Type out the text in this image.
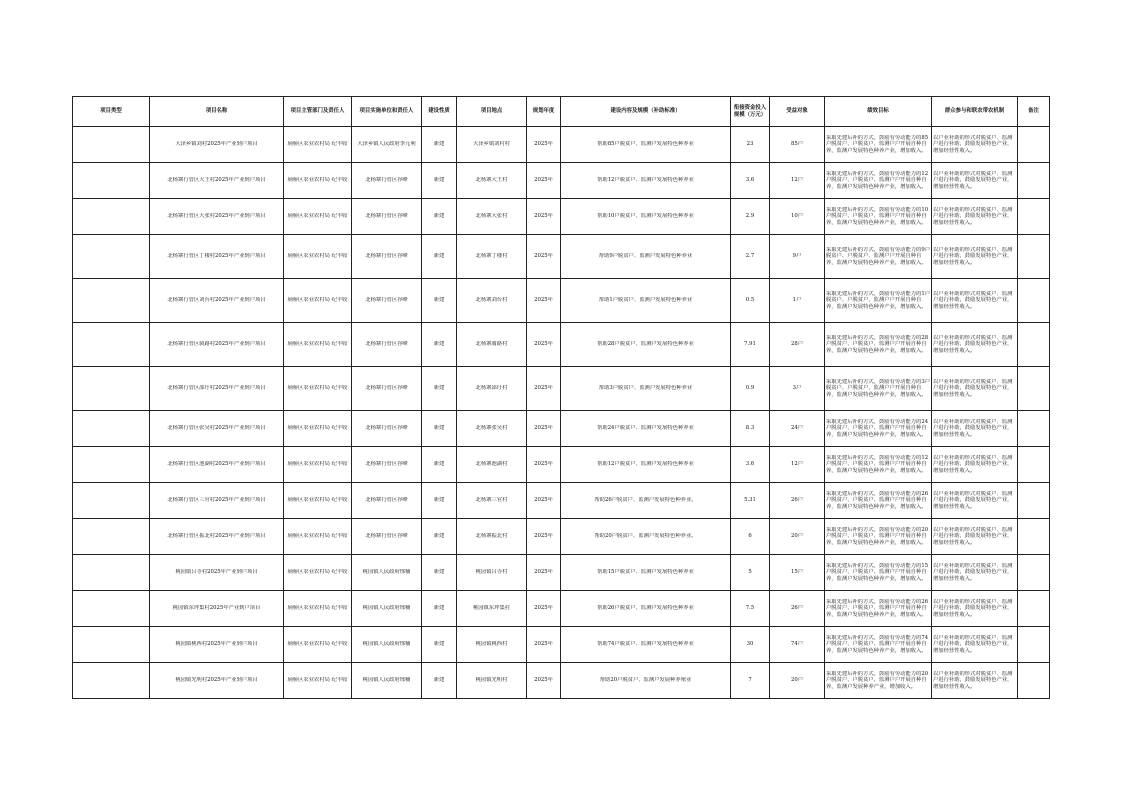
项目类型	项目名称	项目主管部门及责任人	项目实施单位和责任人	建设性质	项目地点	规划年度	建设内容及规模（补助标准）	衔接资金投入规模（万元）	受益对象	绩效目标	群众参与和联农带农机制	备注

	大泽乡镇刘村2025年产业到户项目	埇桥区农业农村局 纪丰收	大泽乡镇人民政府李元利	新建	大泽乡镇刘村村	2025年	帮助85户脱贫户、监测户发展特色种养业	23	85户	采取先建后补的方式，鼓励有劳动能力的85户脱贫户、户脱贫户、监测户户开展自种自养，监测户发展特色种养产业，增加收入。	以户业补助的形式对脱贫户、监测户进行补助，鼓励发展特色产业，增加经营性收入。	

	北杨寨行管区大王村2025年产业到户项目	埇桥区农业农村局 纪丰收	北杨寨行管区谷峰	新建	北杨寨大王村	2025年	帮助12户脱贫户、监测户发展特色种养业	3.6	12户	采取先建后补的方式，鼓励有劳动能力的12户脱贫户、户脱贫户、监测户户开展自种自养，监测户发展特色种养产业，增加收入。	以户业补助的形式对脱贫户、监测户进行补助，鼓励发展特色产业，增加经营性收入。	

	北杨寨行管区大张村2025年产业到户项目	埇桥区农业农村局 纪丰收	北杨寨行管区谷峰	新建	北杨寨大张村	2025年	帮助10户脱贫户、监测户发展特色种养业	2.9	10户	采取先建后补的方式，鼓励有劳动能力的10户脱贫户、户脱贫户、监测户户开展自种自养，监测户发展特色种养产业，增加收入。	以户业补助的形式对脱贫户、监测户进行补助，鼓励发展特色产业，增加经营性收入。	

	北杨寨行管区丁楼村2025年产业到户项目	埇桥区农业农村局 纪丰收	北杨寨行管区谷峰	新建	北杨寨丁楼村	2025年	帮助9户脱贫户、监测户发展特色种养业	2.7	9户	采取先建后补的方式，鼓励有劳动能力的9户脱贫户、户脱贫户、监测户户开展自种自养，监测户发展特色种养产业，增加收入。	以户业补助的形式对脱贫户、监测户进行补助，鼓励发展特色产业，增加经营性收入。	

	北杨寨行管区刘台村2025年产业到户项目	埇桥区农业农村局 纪丰收	北杨寨行管区谷峰	新建	北杨寨刘台村	2025年	帮助1户脱贫户、监测户发展特色种养业	0.5	1户	采取先建后补的方式，鼓励有劳动能力的1户脱贫户、户脱贫户、监测户户开展自种自养，监测户发展特色种养产业，增加收入。	以户业补助的形式对脱贫户、监测户进行补助，鼓励发展特色产业，增加经营性收入。	

	北杨寨行管区骑路村2025年产业到户项目	埇桥区农业农村局 纪丰收	北杨寨行管区谷峰	新建	北杨寨骑路村	2025年	帮助28户脱贫户、监测户发展特色种养业	7.91	28户	采取先建后补的方式，鼓励有劳动能力的28户脱贫户、户脱贫户、监测户户开展自种自养，监测户发展特色种养产业，增加收入。	以户业补助的形式对脱贫户、监测户进行补助，鼓励发展特色产业，增加经营性收入。	

	北杨寨行管区邵圩村2025年产业到户项目	埇桥区农业农村局 纪丰收	北杨寨行管区谷峰	新建	北杨寨邵圩村	2025年	帮助3户脱贫户、监测户发展特色种养业	0.9	3户	采取先建后补的方式，鼓励有劳动能力的3户脱贫户、户脱贫户、监测户户开展自种自养，监测户发展特色种养产业，增加收入。	以户业补助的形式对脱贫户、监测户进行补助，鼓励发展特色产业，增加经营性收入。	

	北杨寨行管区张吴村2025年产业到户项目	埇桥区农业农村局 纪丰收	北杨寨行管区谷峰	新建	北杨寨张吴村	2025年	帮助24户脱贫户、监测户发展特色种养业	8.3	24户	采取先建后补的方式，鼓励有劳动能力的24户脱贫户、户脱贫户、监测户户开展自种自养，监测户发展特色种养产业，增加收入。	以户业补助的形式对脱贫户、监测户进行补助，鼓励发展特色产业，增加经营性收入。	

	北杨寨行管区池湖村2025年产业到户项目	埇桥区农业农村局 纪丰收	北杨寨行管区谷峰	新建	北杨寨池湖村	2025年	帮助12户脱贫户、监测户发展特色种养业	3.6	12户	采取先建后补的方式，鼓励有劳动能力的12户脱贫户、户脱贫户、监测户户开展自种自养，监测户发展特色种养产业，增加收入。	以户业补助的形式对脱贫户、监测户进行补助，鼓励发展特色产业，增加经营性收入。	

	北杨寨行管区三官村2025年产业到户项目	埇桥区农业农村局 纪丰收	北杨寨行管区谷峰	新建	北杨寨三官村	2025年	帮助26户脱贫户、监测户发展特色种养业。	5.31	26户	采取先建后补的方式，鼓励有劳动能力的26户脱贫户、户脱贫户、监测户户开展自种自养，监测户发展特色种养产业，增加收入。	以户业补助的形式对脱贫户、监测户进行补助，鼓励发展特色产业，增加经营性收入。	

	北杨寨行管区振北村2025年产业到户项目	埇桥区农业农村局 纪丰收	北杨寨行管区谷峰	新建	北杨寨振北村	2025年	帮助20户脱贫户、监测户发展特色种养业。	6	20户	采取先建后补的方式，鼓励有劳动能力的20户脱贫户、户脱贫户、监测户户开展自种自养，监测户发展特色种养产业，增加收入。	以户业补助的形式对脱贫户、监测户进行补助，鼓励发展特色产业，增加经营性收入。	

	桃园镇吕寺村2025年产业到户项目	埇桥区农业农村局 纪丰收	桃园镇人民政府邢楠	新建	桃园镇吕寺村	2025年	帮助15户脱贫户、监测户发展特色种养业	5	15户	采取先建后补的方式，鼓励有劳动能力的15户脱贫户、户脱贫户、监测户户开展自种自养，监测户发展特色种养产业，增加收入。	以户业补助的形式对脱贫户、监测户进行补助，鼓励发展特色产业，增加经营性收入。	

	桃园镇东坪集村2025年产业到户项目	埇桥区农业农村局 纪丰收	桃园镇人民政府邢楠	新建	桃园镇东坪集村	2025年	帮助26户脱贫户、监测户发展特色种养业	7.5	26户	采取先建后补的方式，鼓励有劳动能力的26户脱贫户、户脱贫户、监测户户开展自种自养，监测户发展特色种养产业，增加收入。	以户业补助的形式对脱贫户、监测户进行补助，鼓励发展特色产业，增加经营性收入。	

	桃园镇桃西村2025年产业到户项目	埇桥区农业农村局 纪丰收	桃园镇人民政府邢楠	新建	桃园镇桃西村	2025年	帮助74户脱贫户、监测户发展特色种养业	30	74户	采取先建后补的方式，鼓励有劳动能力的74户脱贫户、户脱贫户、监测户户开展自种自养，监测户发展特色种养产业，增加收入。	以户业补助的形式对脱贫户、监测户进行补助，鼓励发展特色产业，增加经营性收入。	

	桃园镇光明村2025年产业到户项目	埇桥区农业农村局 纪丰收	桃园镇人民政府邢楠	新建	桃园镇光明村	2025年	帮助20户脱贫户、监测户发展种养殖业	7	20户	采取先建后补的方式，鼓励有劳动能力的20户脱贫户、户脱贫户、监测户户开展自种自养，监测户发展种养产业，增加收入。	以户业补助的形式对脱贫户、监测户进行补助，鼓励发展特色产业，增加经营性收入。	
